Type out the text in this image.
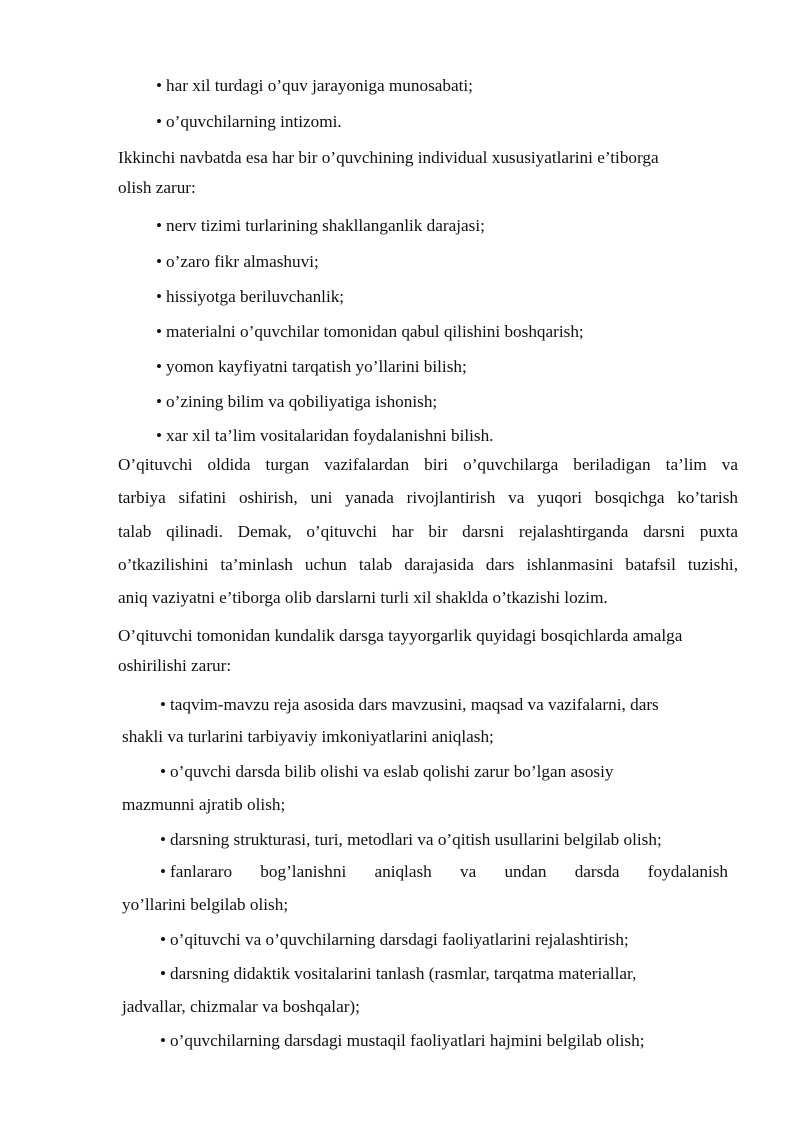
• har xil turdagi o’quv jarayoniga munosabati;
• o’quvchilarning intizomi.
Ikkinchi navbatda esa har bir o’quvchining individual xususiyatlarini e’tiborga
olish zarur:
• nerv tizimi turlarining shakllanganlik darajasi;
• o’zaro fikr almashuvi;
• hissiyotga beriluvchanlik;
• materialni o’quvchilar tomonidan qabul qilishini boshqarish;
• yomon kayfiyatni tarqatish yo’llarini bilish;
• o’zining bilim va qobiliyatiga ishonish;
• xar xil ta’lim vositalaridan foydalanishni bilish.
O’qituvchi oldida turgan vazifalardan biri o’quvchilarga beriladigan ta’lim va
tarbiya sifatini oshirish, uni yanada rivojlantirish va yuqori bosqichga ko’tarish
talab qilinadi. Demak, o’qituvchi har bir darsni rejalashtirganda darsni puxta
o’tkazilishini ta’minlash uchun talab darajasida dars ishlanmasini batafsil tuzishi,
aniq vaziyatni e’tiborga olib darslarni turli xil shaklda o’tkazishi lozim.
O’qituvchi tomonidan kundalik darsga tayyorgarlik quyidagi bosqichlarda amalga
oshirilishi zarur:
• taqvim-mavzu reja asosida dars mavzusini, maqsad va vazifalarni, dars
shakli va turlarini tarbiyaviy imkoniyatlarini aniqlash;
• o’quvchi darsda bilib olishi va eslab qolishi zarur bo’lgan asosiy
mazmunni ajratib olish;
• darsning strukturasi, turi, metodlari va o’qitish usullarini belgilab olish;
• fanlararo bog’lanishni aniqlash va undan darsda foydalanish
yo’llarini belgilab olish;
• o’qituvchi va o’quvchilarning darsdagi faoliyatlarini rejalashtirish;
• darsning didaktik vositalarini tanlash (rasmlar, tarqatma materiallar,
jadvallar, chizmalar va boshqalar);
• o’quvchilarning darsdagi mustaqil faoliyatlari hajmini belgilab olish;
